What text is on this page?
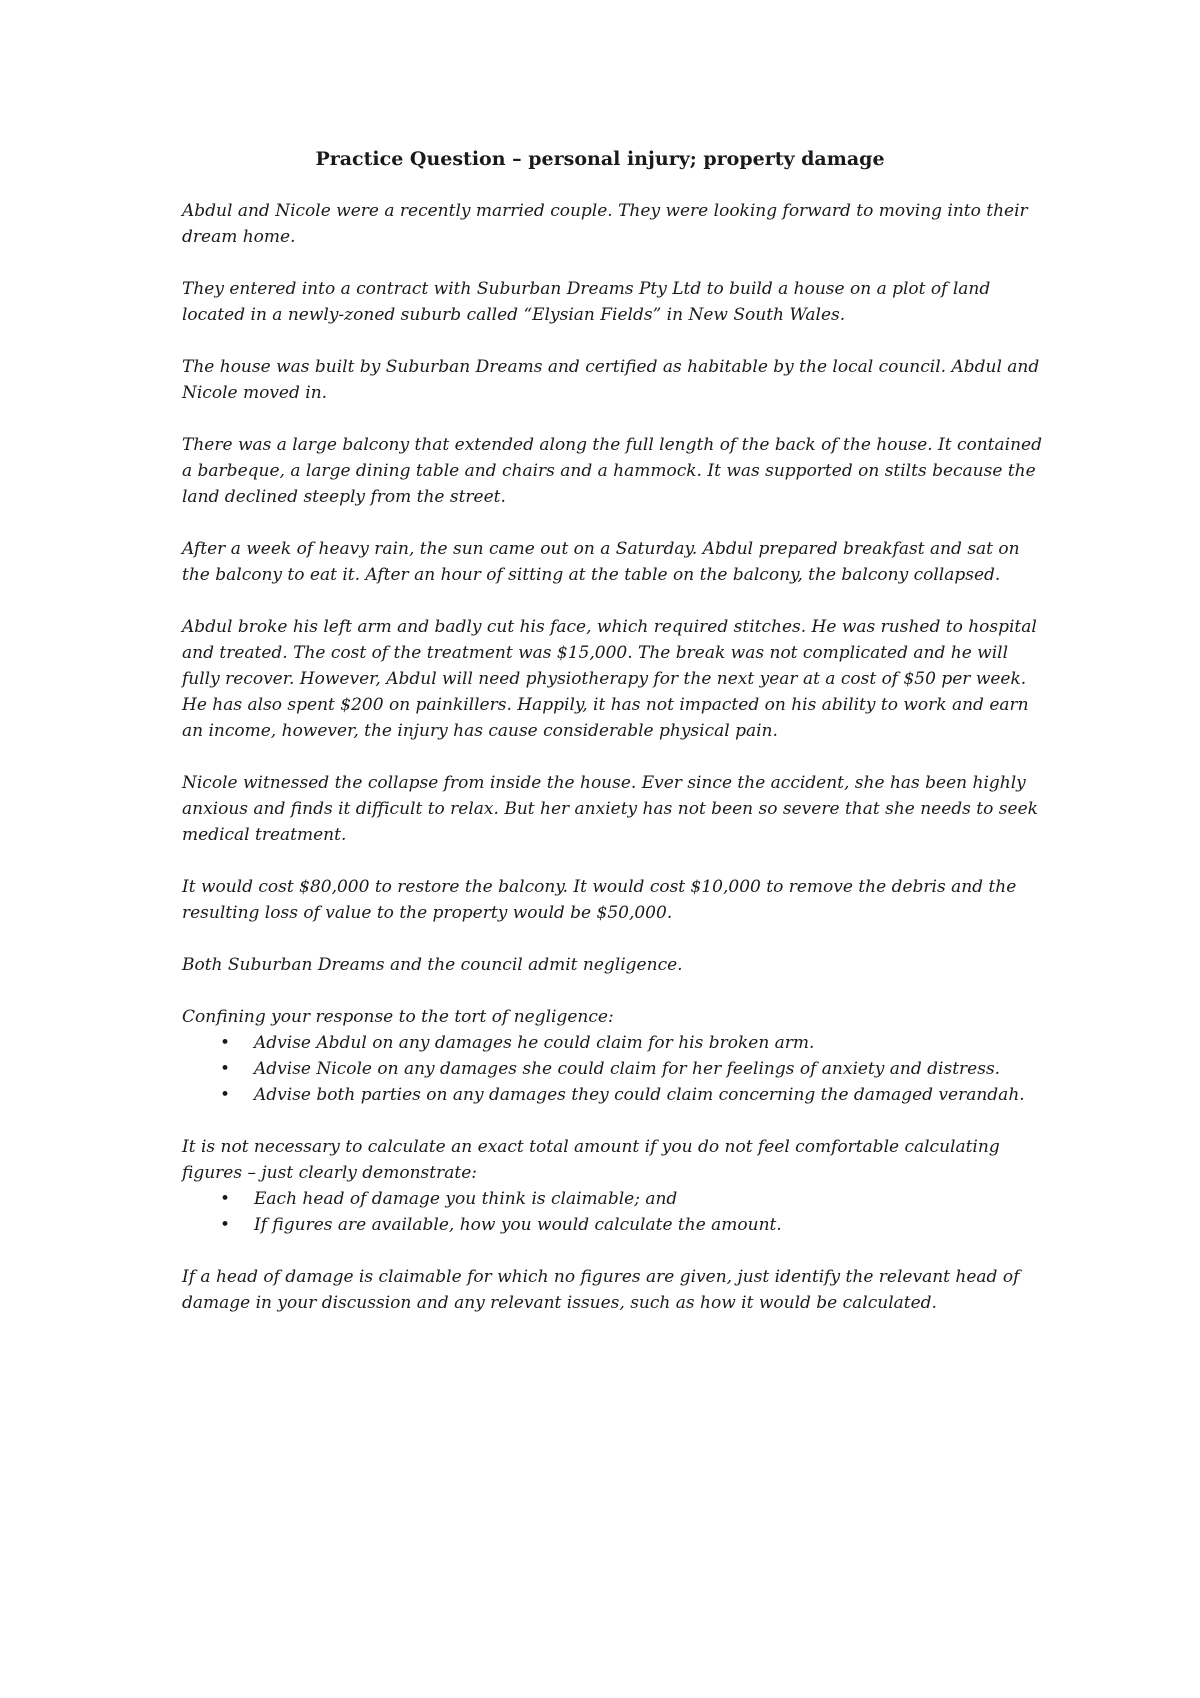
Practice Question – personal injury; property damage

Abdul and Nicole were a recently married couple. They were looking forward to moving into their dream home.

They entered into a contract with Suburban Dreams Pty Ltd to build a house on a plot of land located in a newly-zoned suburb called “Elysian Fields” in New South Wales.

The house was built by Suburban Dreams and certified as habitable by the local council. Abdul and Nicole moved in.

There was a large balcony that extended along the full length of the back of the house. It contained a barbeque, a large dining table and chairs and a hammock. It was supported on stilts because the land declined steeply from the street.

After a week of heavy rain, the sun came out on a Saturday. Abdul prepared breakfast and sat on the balcony to eat it. After an hour of sitting at the table on the balcony, the balcony collapsed.

Abdul broke his left arm and badly cut his face, which required stitches. He was rushed to hospital and treated. The cost of the treatment was $15,000. The break was not complicated and he will fully recover. However, Abdul will need physiotherapy for the next year at a cost of $50 per week. He has also spent $200 on painkillers. Happily, it has not impacted on his ability to work and earn an income, however, the injury has cause considerable physical pain.

Nicole witnessed the collapse from inside the house. Ever since the accident, she has been highly anxious and finds it difficult to relax. But her anxiety has not been so severe that she needs to seek medical treatment.

It would cost $80,000 to restore the balcony. It would cost $10,000 to remove the debris and the resulting loss of value to the property would be $50,000.

Both Suburban Dreams and the council admit negligence.

Confining your response to the tort of negligence:

• Advise Abdul on any damages he could claim for his broken arm.
• Advise Nicole on any damages she could claim for her feelings of anxiety and distress.
• Advise both parties on any damages they could claim concerning the damaged verandah.

It is not necessary to calculate an exact total amount if you do not feel comfortable calculating figures – just clearly demonstrate:

• Each head of damage you think is claimable; and
• If figures are available, how you would calculate the amount.

If a head of damage is claimable for which no figures are given, just identify the relevant head of damage in your discussion and any relevant issues, such as how it would be calculated.
